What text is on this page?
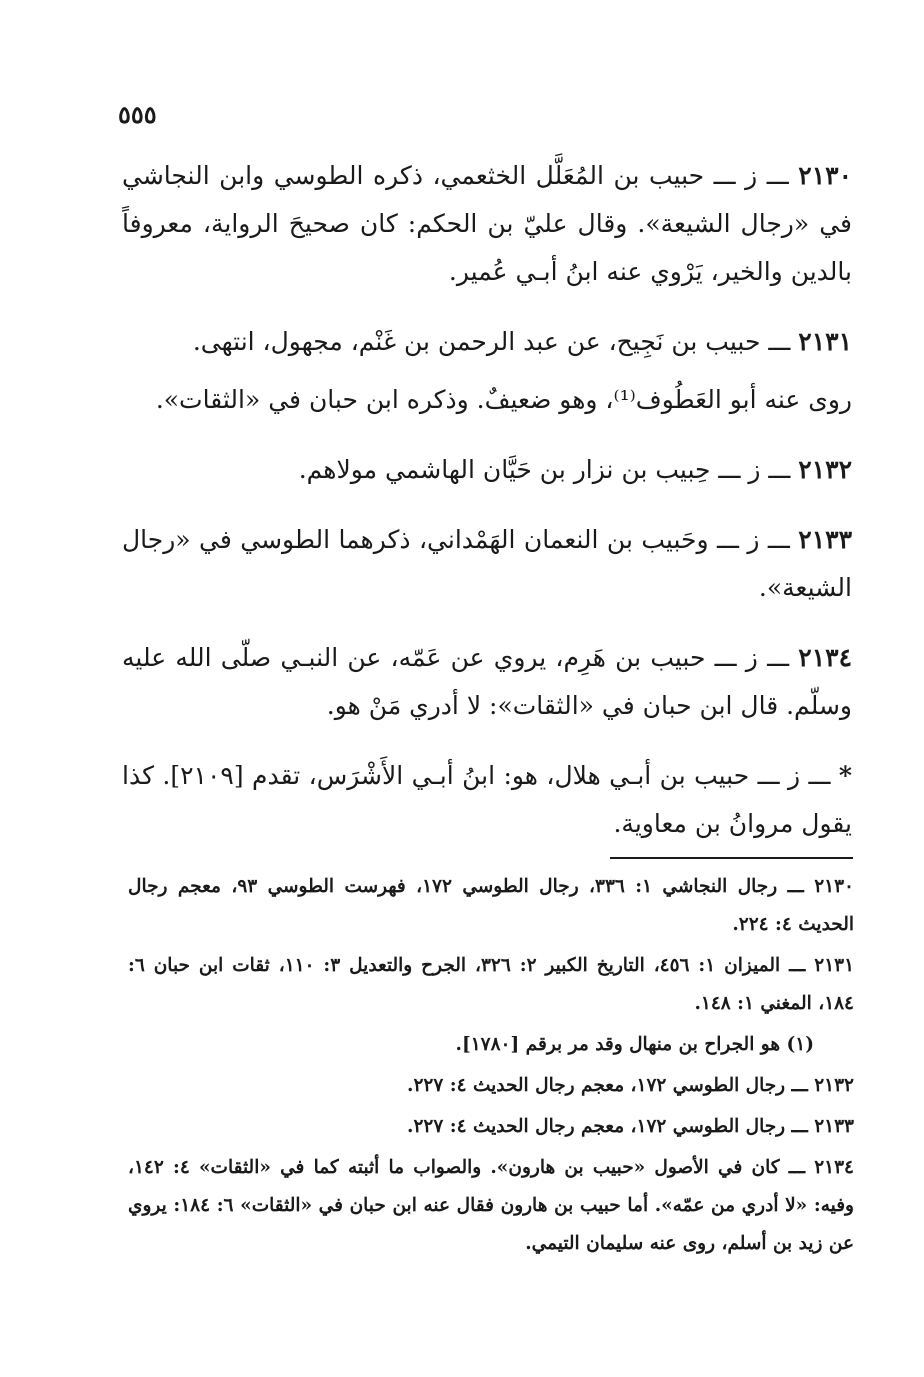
٥٥٥

٢١٣٠ ـــ ز ـــ حبيب بن المُعَلَّل الخثعمي، ذكره الطوسي وابن النجاشي في «رجال الشيعة». وقال عليّ بن الحكم: كان صحيحَ الرواية، معروفاً بالدين والخير، يَرْوي عنه ابنُ أبـي عُمير.

٢١٣١ ـــ حبيب بن نَجِيح، عن عبد الرحمن بن غَنْم، مجهول، انتهى.

روى عنه أبو العَطُوف⁽¹⁾، وهو ضعيفٌ. وذكره ابن حبان في «الثقات».

٢١٣٢ ـــ ز ـــ حِبيب بن نزار بن حَيَّان الهاشمي مولاهم.

٢١٣٣ ـــ ز ـــ وحَبيب بن النعمان الهَمْداني، ذكرهما الطوسي في «رجال الشيعة».

٢١٣٤ ـــ ز ـــ حبيب بن هَرِم، يروي عن عَمّه، عن النبـي صلّى الله عليه وسلّم. قال ابن حبان في «الثقات»: لا أدري مَنْ هو.

* ـــ ز ـــ حبيب بن أبـي هلال، هو: ابنُ أبـي الأَشْرَس، تقدم [٢١٠٩]. كذا يقول مروانُ بن معاوية.

٢١٣٠ ـــ رجال النجاشي ١: ٣٣٦، رجال الطوسي ١٧٢، فهرست الطوسي ٩٣، معجم رجال الحديث ٤: ٢٢٤.

٢١٣١ ـــ الميزان ١: ٤٥٦، التاريخ الكبير ٢: ٣٢٦، الجرح والتعديل ٣: ١١٠، ثقات ابن حبان ٦: ١٨٤، المغني ١: ١٤٨.

(١) هو الجراح بن منهال وقد مر برقم [١٧٨٠].

٢١٣٢ ـــ رجال الطوسي ١٧٢، معجم رجال الحديث ٤: ٢٢٧.

٢١٣٣ ـــ رجال الطوسي ١٧٢، معجم رجال الحديث ٤: ٢٢٧.

٢١٣٤ ـــ كان في الأصول «حبيب بن هارون». والصواب ما أثبته كما في «الثقات» ٤: ١٤٢، وفيه: «لا أدري من عمّه». أما حبيب بن هارون فقال عنه ابن حبان في «الثقات» ٦: ١٨٤: يروي عن زيد بن أسلم، روى عنه سليمان التيمي.
